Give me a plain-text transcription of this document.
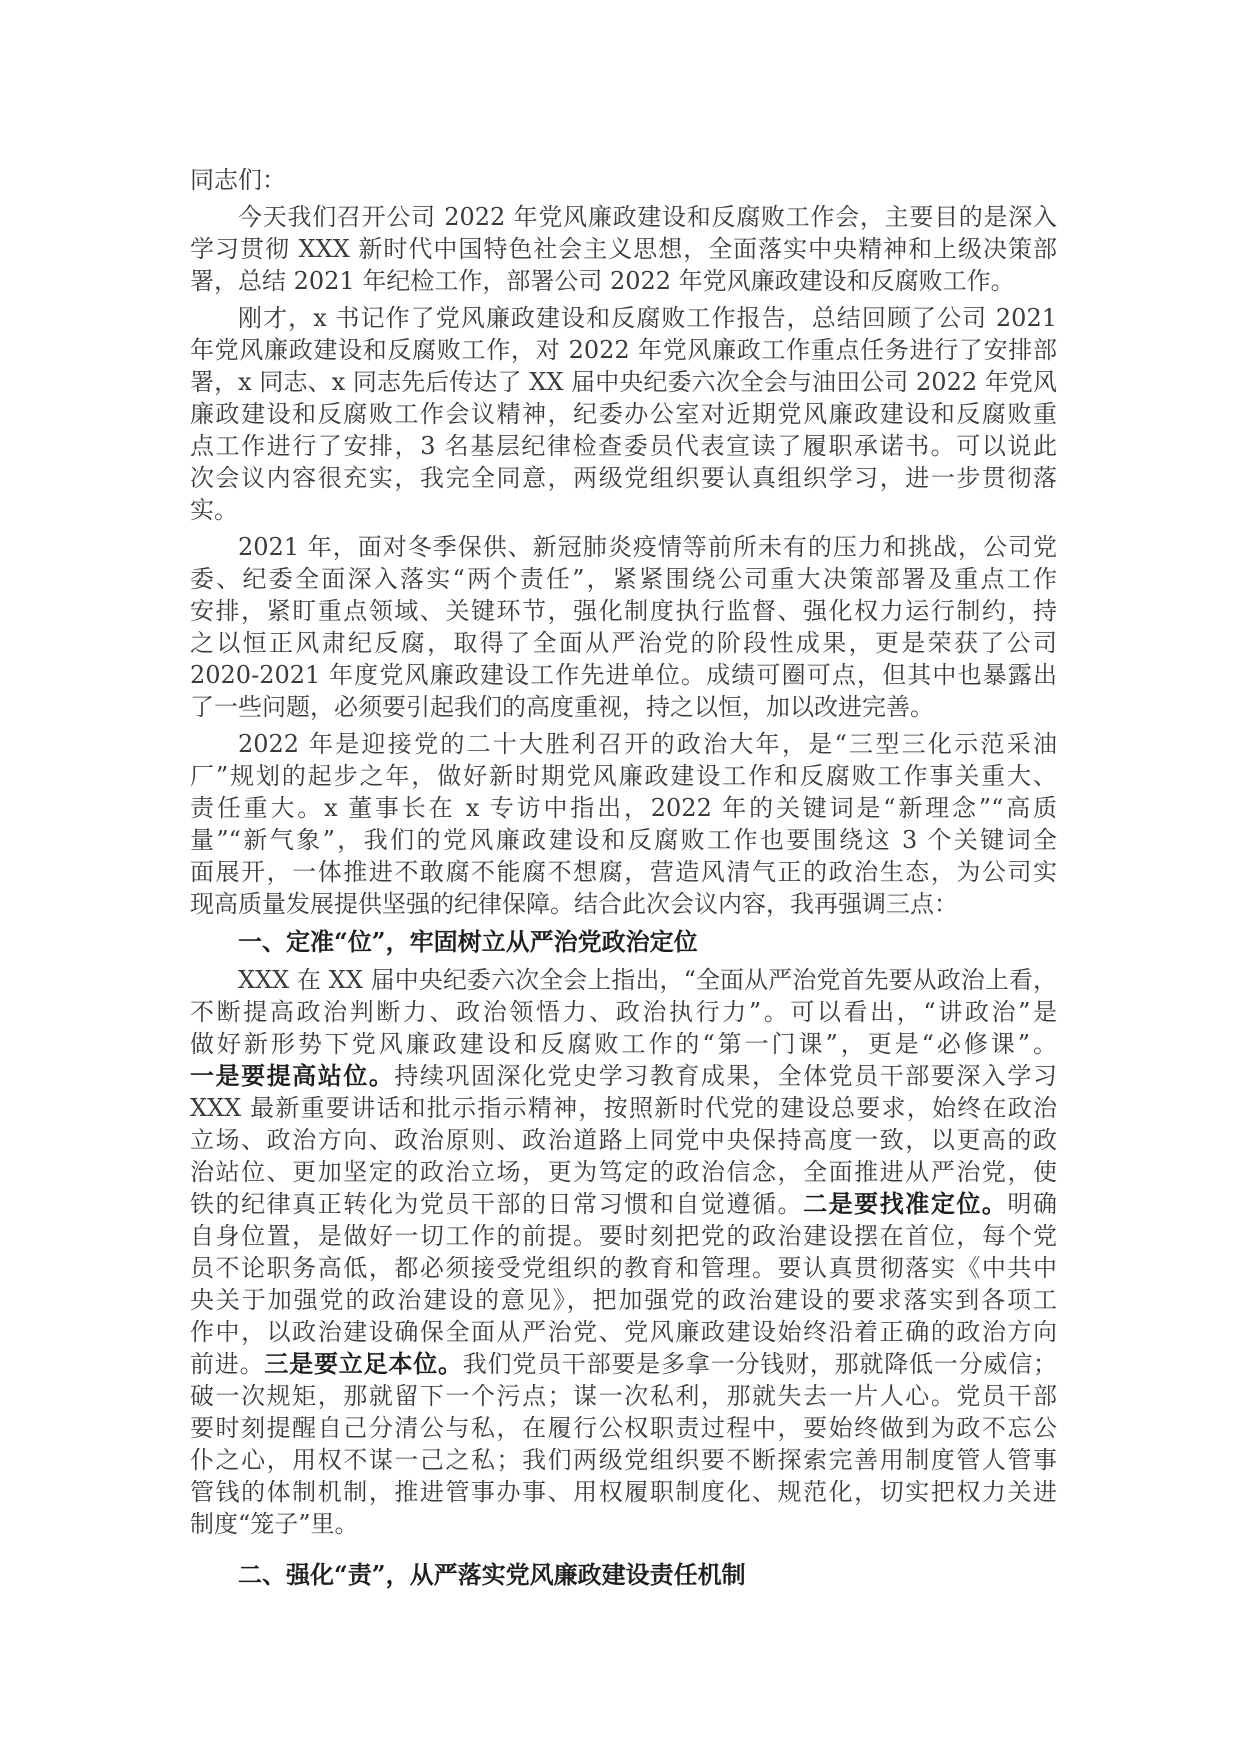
同志们：
今天我们召开公司 2022 年党风廉政建设和反腐败工作会，主要目的是深入
学习贯彻 XXX 新时代中国特色社会主义思想，全面落实中央精神和上级决策部
署，总结 2021 年纪检工作，部署公司 2022 年党风廉政建设和反腐败工作。
刚才，x 书记作了党风廉政建设和反腐败工作报告，总结回顾了公司 2021
年党风廉政建设和反腐败工作，对 2022 年党风廉政工作重点任务进行了安排部
署，x 同志、x 同志先后传达了 XX 届中央纪委六次全会与油田公司 2022 年党风
廉政建设和反腐败工作会议精神，纪委办公室对近期党风廉政建设和反腐败重
点工作进行了安排，3 名基层纪律检查委员代表宣读了履职承诺书。可以说此
次会议内容很充实，我完全同意，两级党组织要认真组织学习，进一步贯彻落
实。
2021 年，面对冬季保供、新冠肺炎疫情等前所未有的压力和挑战，公司党
委、纪委全面深入落实“两个责任”，紧紧围绕公司重大决策部署及重点工作
安排，紧盯重点领域、关键环节，强化制度执行监督、强化权力运行制约，持
之以恒正风肃纪反腐，取得了全面从严治党的阶段性成果，更是荣获了公司
2020-2021 年度党风廉政建设工作先进单位。成绩可圈可点，但其中也暴露出
了一些问题，必须要引起我们的高度重视，持之以恒，加以改进完善。
2022 年是迎接党的二十大胜利召开的政治大年，是“三型三化示范采油
厂”规划的起步之年，做好新时期党风廉政建设工作和反腐败工作事关重大、
责任重大。x 董事长在 x 专访中指出，2022 年的关键词是“新理念”“高质
量”“新气象”，我们的党风廉政建设和反腐败工作也要围绕这 3 个关键词全
面展开，一体推进不敢腐不能腐不想腐，营造风清气正的政治生态，为公司实
现高质量发展提供坚强的纪律保障。结合此次会议内容，我再强调三点：
一、定准“位”，牢固树立从严治党政治定位
XXX 在 XX 届中央纪委六次全会上指出，“全面从严治党首先要从政治上看，
不断提高政治判断力、政治领悟力、政治执行力”。可以看出，“讲政治”是
做好新形势下党风廉政建设和反腐败工作的“第一门课”，更是“必修课”。
一是要提高站位。持续巩固深化党史学习教育成果，全体党员干部要深入学习
XXX 最新重要讲话和批示指示精神，按照新时代党的建设总要求，始终在政治
立场、政治方向、政治原则、政治道路上同党中央保持高度一致，以更高的政
治站位、更加坚定的政治立场，更为笃定的政治信念，全面推进从严治党，使
铁的纪律真正转化为党员干部的日常习惯和自觉遵循。二是要找准定位。明确
自身位置，是做好一切工作的前提。要时刻把党的政治建设摆在首位，每个党
员不论职务高低，都必须接受党组织的教育和管理。要认真贯彻落实《中共中
央关于加强党的政治建设的意见》，把加强党的政治建设的要求落实到各项工
作中，以政治建设确保全面从严治党、党风廉政建设始终沿着正确的政治方向
前进。三是要立足本位。我们党员干部要是多拿一分钱财，那就降低一分威信；
破一次规矩，那就留下一个污点；谋一次私利，那就失去一片人心。党员干部
要时刻提醒自己分清公与私，在履行公权职责过程中，要始终做到为政不忘公
仆之心，用权不谋一己之私；我们两级党组织要不断探索完善用制度管人管事
管钱的体制机制，推进管事办事、用权履职制度化、规范化，切实把权力关进
制度“笼子”里。
二、强化“责”，从严落实党风廉政建设责任机制
